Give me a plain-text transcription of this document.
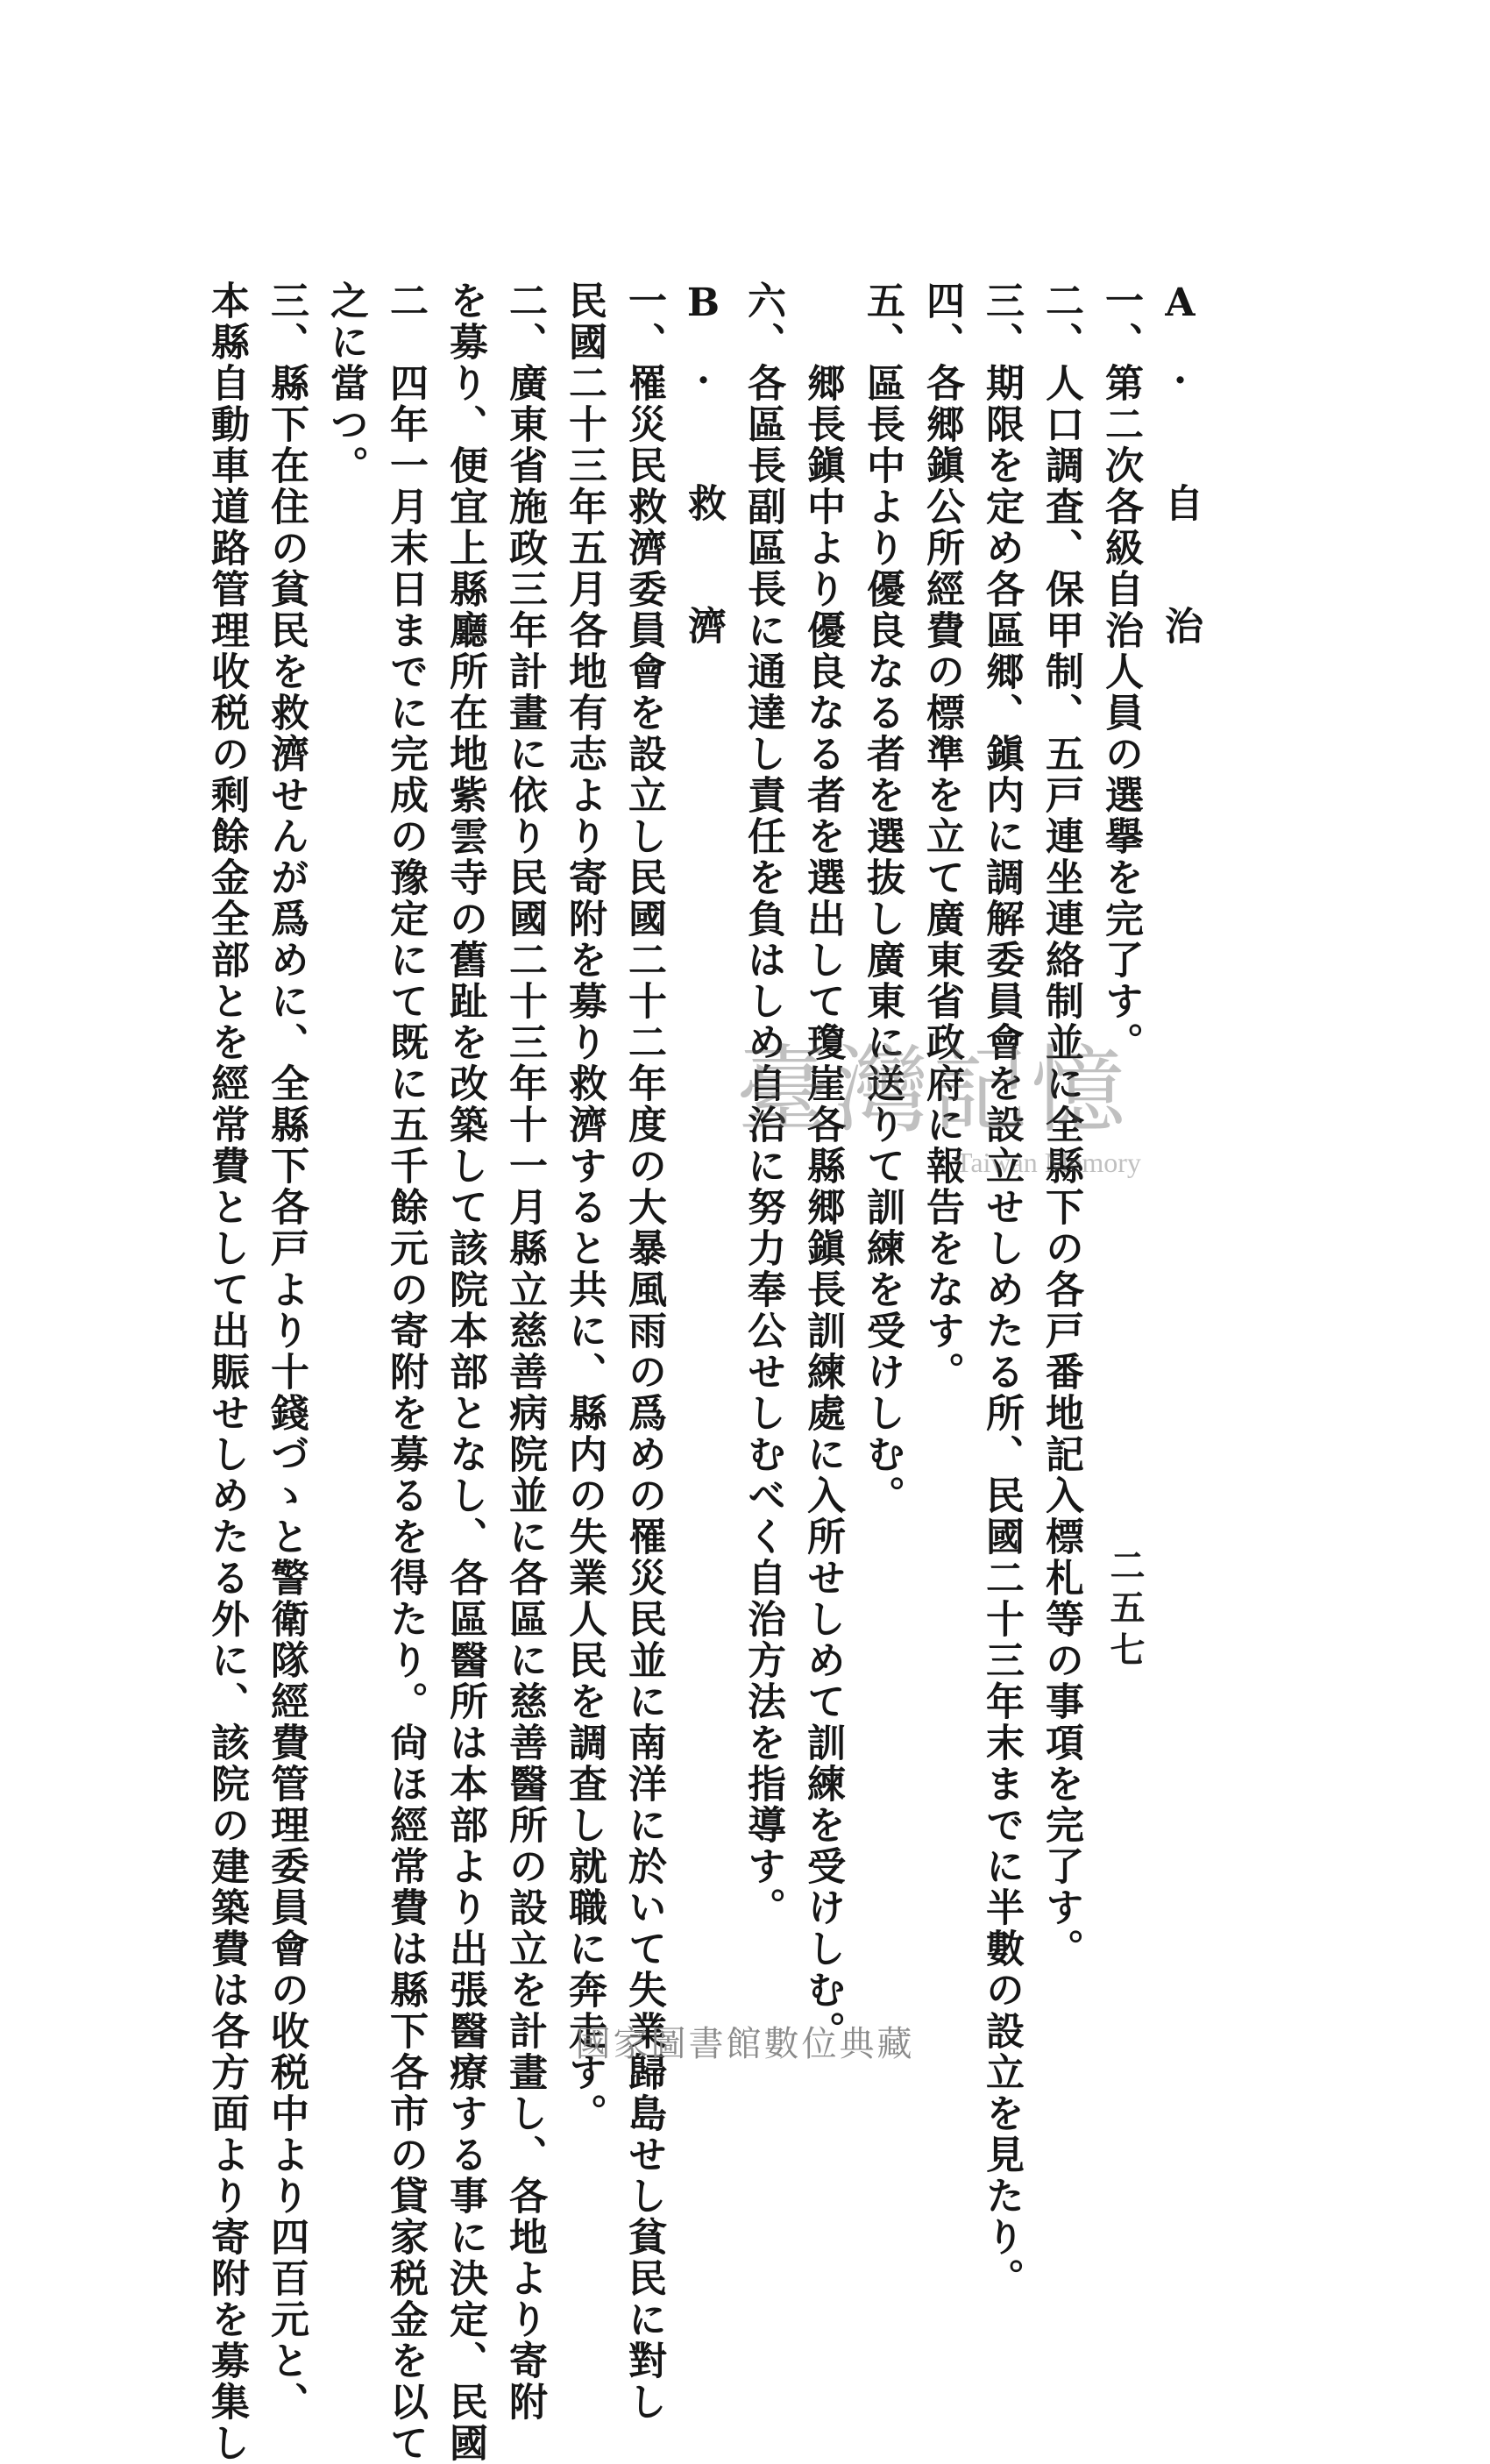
A. 自　治
一、第二次各級自治人員の選擧を完了す。
二、人口調査、保甲制、五戸連坐連絡制並に全縣下の各戸番地記入標札等の事項を完了す。
三、期限を定め各區郷、鎭内に調解委員會を設立せしめたる所、民國二十三年末までに半數の設立を見たり。
四、各郷鎭公所經費の標準を立て廣東省政府に報告をなす。
五、區長中より優良なる者を選抜し廣東に送りて訓練を受けしむ。
　　郷長鎭中より優良なる者を選出して瓊崖各縣郷鎭長訓練處に入所せしめて訓練を受けしむ。
六、各區長副區長に通達し責任を負はしめ自治に努力奉公せしむべく自治方法を指導す。
B. 救　濟
一、罹災民救濟委員會を設立し民國二十二年度の大暴風雨の爲めの罹災民並に南洋に於いて失業歸島せし貧民に對し
民國二十三年五月各地有志より寄附を募り救濟すると共に、縣内の失業人民を調査し就職に奔走す。
二、廣東省施政三年計畫に依り民國二十三年十一月縣立慈善病院並に各區に慈善醫所の設立を計畫し、各地より寄附
を募り、便宜上縣廳所在地紫雲寺の舊趾を改築して該院本部となし、各區醫所は本部より出張醫療する事に決定、民國
二　四年一月末日までに完成の豫定にて既に五千餘元の寄附を募るを得たり。尙ほ經常費は縣下各市の貸家税金を以て
之に當つ。
三、縣下在住の貧民を救濟せんが爲めに、全縣下各戸より十錢づゝと警衛隊經費管理委員會の收税中より四百元と、
本縣自動車道路管理收税の剩餘金全部とを經常費として出賑せしめたる外に、該院の建築費は各方面より寄附を募集し	二五七
臺灣記憶
Taiwan Memory
國家圖書館數位典藏
